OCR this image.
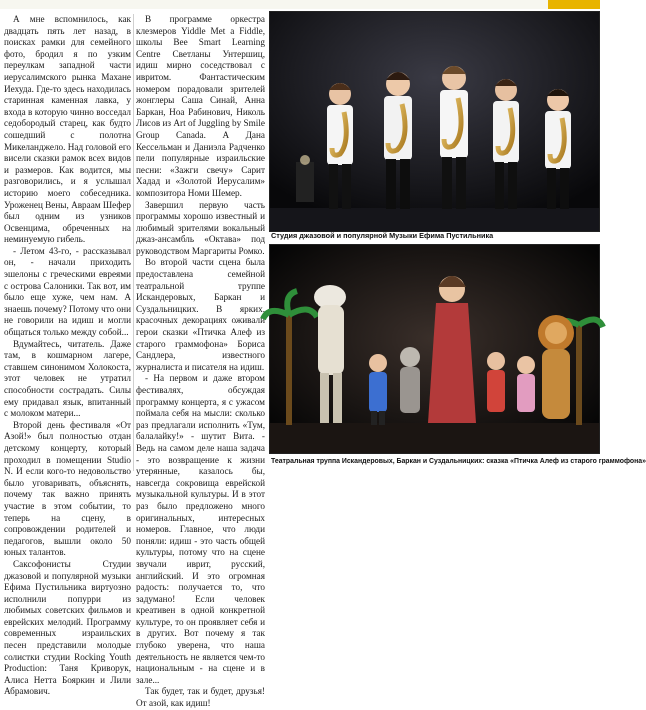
А мне вспомнилось, как двадцать пять лет назад, в поисках рамки для семейного фото, бродил я по узким переулкам западной части иерусалимского рынка Махане Иехуда. Где-то здесь находилась старинная каменная лавка, у входа в которую чинно восседал седобородый старец, как будто сошедший с полотна Микеланджело. Над головой его висели сказки рамок всех видов и размеров. Как водится, мы разговорились, и я услышал историю моего собеседника. Уроженец Вены, Авраам Шефер был одним из узников Освенцима, обреченных на неминуемую гибель.

- Летом 43-го, - рассказывал он, - начали приходить эшелоны с греческими евреями с острова Салоники. Так вот, им было еще хуже, чем нам. А знаешь почему? Потому что они не говорили на идиш и могли общаться только между собой...

Вдумайтесь, читатель. Даже там, в кошмарном лагере, ставшем синонимом Холокоста, этот человек не утратил способности сострадать. Силы ему придавал язык, впитанный с молоком матери...

Второй день фестиваля «От Азой!» был полностью отдан детскому концерту, который проходил в помещении Studio N. И если кого-то недовольство было уговаривать, объяснять, почему так важно принять участие в этом событии, то теперь на сцену, в сопровождении родителей и педагогов, вышли около 50 юных талантов.

Саксофонисты Студии джазовой и популярной музыки Ефима Пустильника виртуозно исполнили попурри из любимых советских фильмов и еврейских мелодий. Программу современных израильских песен представили молодые солистки студии Rocking Youth Production: Таня Криворук, Алиса Нетта Бояркин и Лили Абрамович.

В программе оркестра клезмеров Yiddle Met a Fiddle, школы Bee Smart Learning Centre Светланы Унтершиц, идиш мирно соседствовал с ивритом. Фантастическим номером порадовали зрителей жонглеры Саша Синай, Анна Баркан, Ноа Рабинович, Николь Лисов из Art of Juggling by Smile Group Canada. А Дана Кессельман и Даниэла Радченко пели популярные израильские песни: «Зажги свечу» Сарит Хадад и «Золотой Иерусалим» композитора Номи Шемер.

Завершил первую часть программы хорошо известный и любимый зрителями вокальный джаз-ансамбль «Октава» под руководством Маргариты Ромко.

Во второй части сцена была предоставлена семейной театральной труппе Искандеровых, Баркан и Суздальницких. В ярких, красочных декорациях оживали герои сказки «Птичка Алеф из старого граммофона» Бориса Сандлера, известного журналиста и писателя на идиш.

- На первом и даже втором фестивалях, обсуждая программу концерта, я с ужасом поймала себя на мысли: сколько раз предлагали исполнить «Тум, балалайку!» - шутит Вита. - Ведь на самом деле наша задача - это возвращение к жизни утерянные, казалось бы, навсегда сокровища еврейской музыкальной культуры. И в этот раз было предложено много оригинальных, интересных номеров. Главное, что люди поняли: идиш - это часть общей культуры, потому что на сцене звучали иврит, русский, английский. И это огромная радость: получается то, что задумано! Если человек креативен в одной конкретной культуре, то он проявляет себя и в других. Вот почему я так глубоко уверена, что наша деятельность не является чем-то национальным - на сцене и в зале...

Так будет, так и будет, друзья! От азой, как идиш!

Студия джазовой и популярной Музыки Ефима Пустильника
Театральная труппа Искандеровых, Баркан и Суздальницких: сказка «Птичка Алеф из старого граммофона»
